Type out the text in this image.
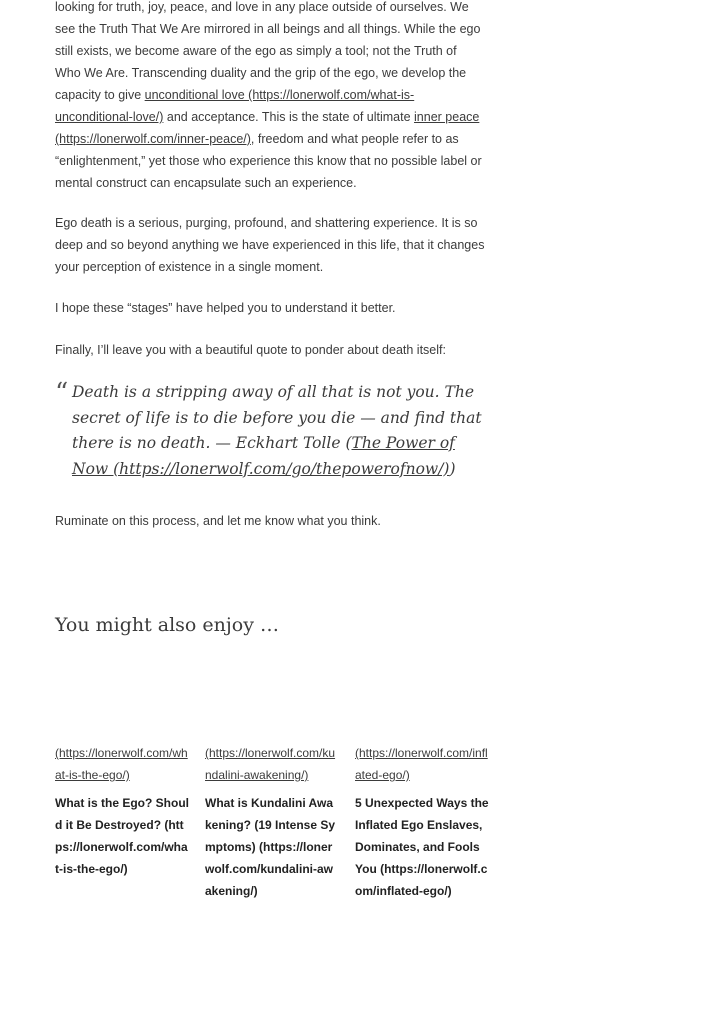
looking for truth, joy, peace, and love in any place outside of ourselves. We see the Truth That We Are mirrored in all beings and all things. While the ego still exists, we become aware of the ego as simply a tool; not the Truth of Who We Are. Transcending duality and the grip of the ego, we develop the capacity to give unconditional love (https://lonerwolf.com/what-is-unconditional-love/) and acceptance. This is the state of ultimate inner peace (https://lonerwolf.com/inner-peace/), freedom and what people refer to as “enlightenment,” yet those who experience this know that no possible label or mental construct can encapsulate such an experience.

Ego death is a serious, purging, profound, and shattering experience. It is so deep and so beyond anything we have experienced in this life, that it changes your perception of existence in a single moment.

I hope these “stages” have helped you to understand it better.

Finally, I’ll leave you with a beautiful quote to ponder about death itself:

“ Death is a stripping away of all that is not you. The secret of life is to die before you die — and find that there is no death. — Eckhart Tolle (The Power of Now (https://lonerwolf.com/go/thepowerofnow/))

Ruminate on this process, and let me know what you think.

You might also enjoy …
(https://lonerwolf.com/what-is-the-ego/)
What is the Ego? Should it Be Destroyed? (https://lonerwolf.com/what-is-the-ego/)
(https://lonerwolf.com/kundalini-awakening/)
What is Kundalini Awakening? (19 Intense Symptoms) (https://lonerwolf.com/kundalini-awakening/)
(https://lonerwolf.com/inflated-ego/)
5 Unexpected Ways the Inflated Ego Enslaves, Dominates, and Fools You (https://lonerwolf.com/inflated-ego/)
